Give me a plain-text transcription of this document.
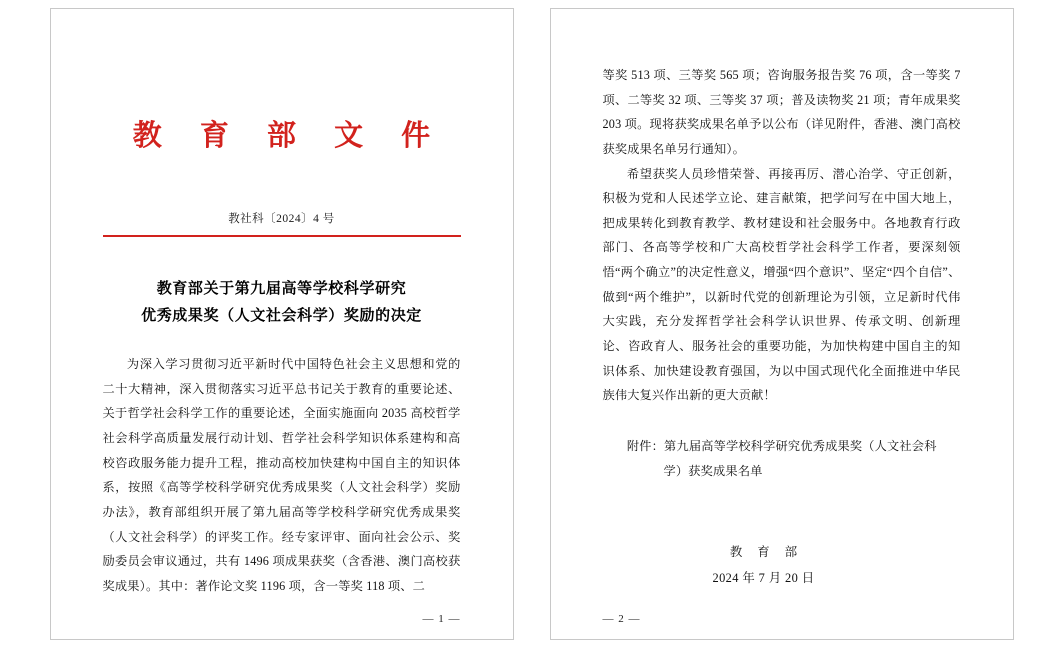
教 育 部 文 件
教社科〔2024〕4 号
教育部关于第九届高等学校科学研究
优秀成果奖（人文社会科学）奖励的决定
为深入学习贯彻习近平新时代中国特色社会主义思想和党的二十大精神，深入贯彻落实习近平总书记关于教育的重要论述、关于哲学社会科学工作的重要论述，全面实施面向 2035 高校哲学社会科学高质量发展行动计划、哲学社会科学知识体系建构和高校咨政服务能力提升工程，推动高校加快建构中国自主的知识体系，按照《高等学校科学研究优秀成果奖（人文社会科学）奖励办法》，教育部组织开展了第九届高等学校科学研究优秀成果奖（人文社会科学）的评奖工作。经专家评审、面向社会公示、奖励委员会审议通过，共有 1496 项成果获奖（含香港、澳门高校获奖成果）。其中：著作论文奖 1196 项，含一等奖 118 项、二
— 1 —
等奖 513 项、三等奖 565 项；咨询服务报告奖 76 项，含一等奖 7 项、二等奖 32 项、三等奖 37 项；普及读物奖 21 项；青年成果奖 203 项。现将获奖成果名单予以公布（详见附件，香港、澳门高校获奖成果名单另行通知）。
希望获奖人员珍惜荣誉、再接再厉、潜心治学、守正创新，积极为党和人民述学立论、建言献策，把学问写在中国大地上，把成果转化到教育教学、教材建设和社会服务中。各地教育行政部门、各高等学校和广大高校哲学社会科学工作者，要深刻领悟“两个确立”的决定性意义，增强“四个意识”、坚定“四个自信”、做到“两个维护”，以新时代党的创新理论为引领，立足新时代伟大实践，充分发挥哲学社会科学认识世界、传承文明、创新理论、咨政育人、服务社会的重要功能，为加快构建中国自主的知识体系、加快建设教育强国，为以中国式现代化全面推进中华民族伟大复兴作出新的更大贡献！
附件：第九届高等学校科学研究优秀成果奖（人文社会科
学）获奖成果名单
教 育 部
2024 年 7 月 20 日
— 2 —
